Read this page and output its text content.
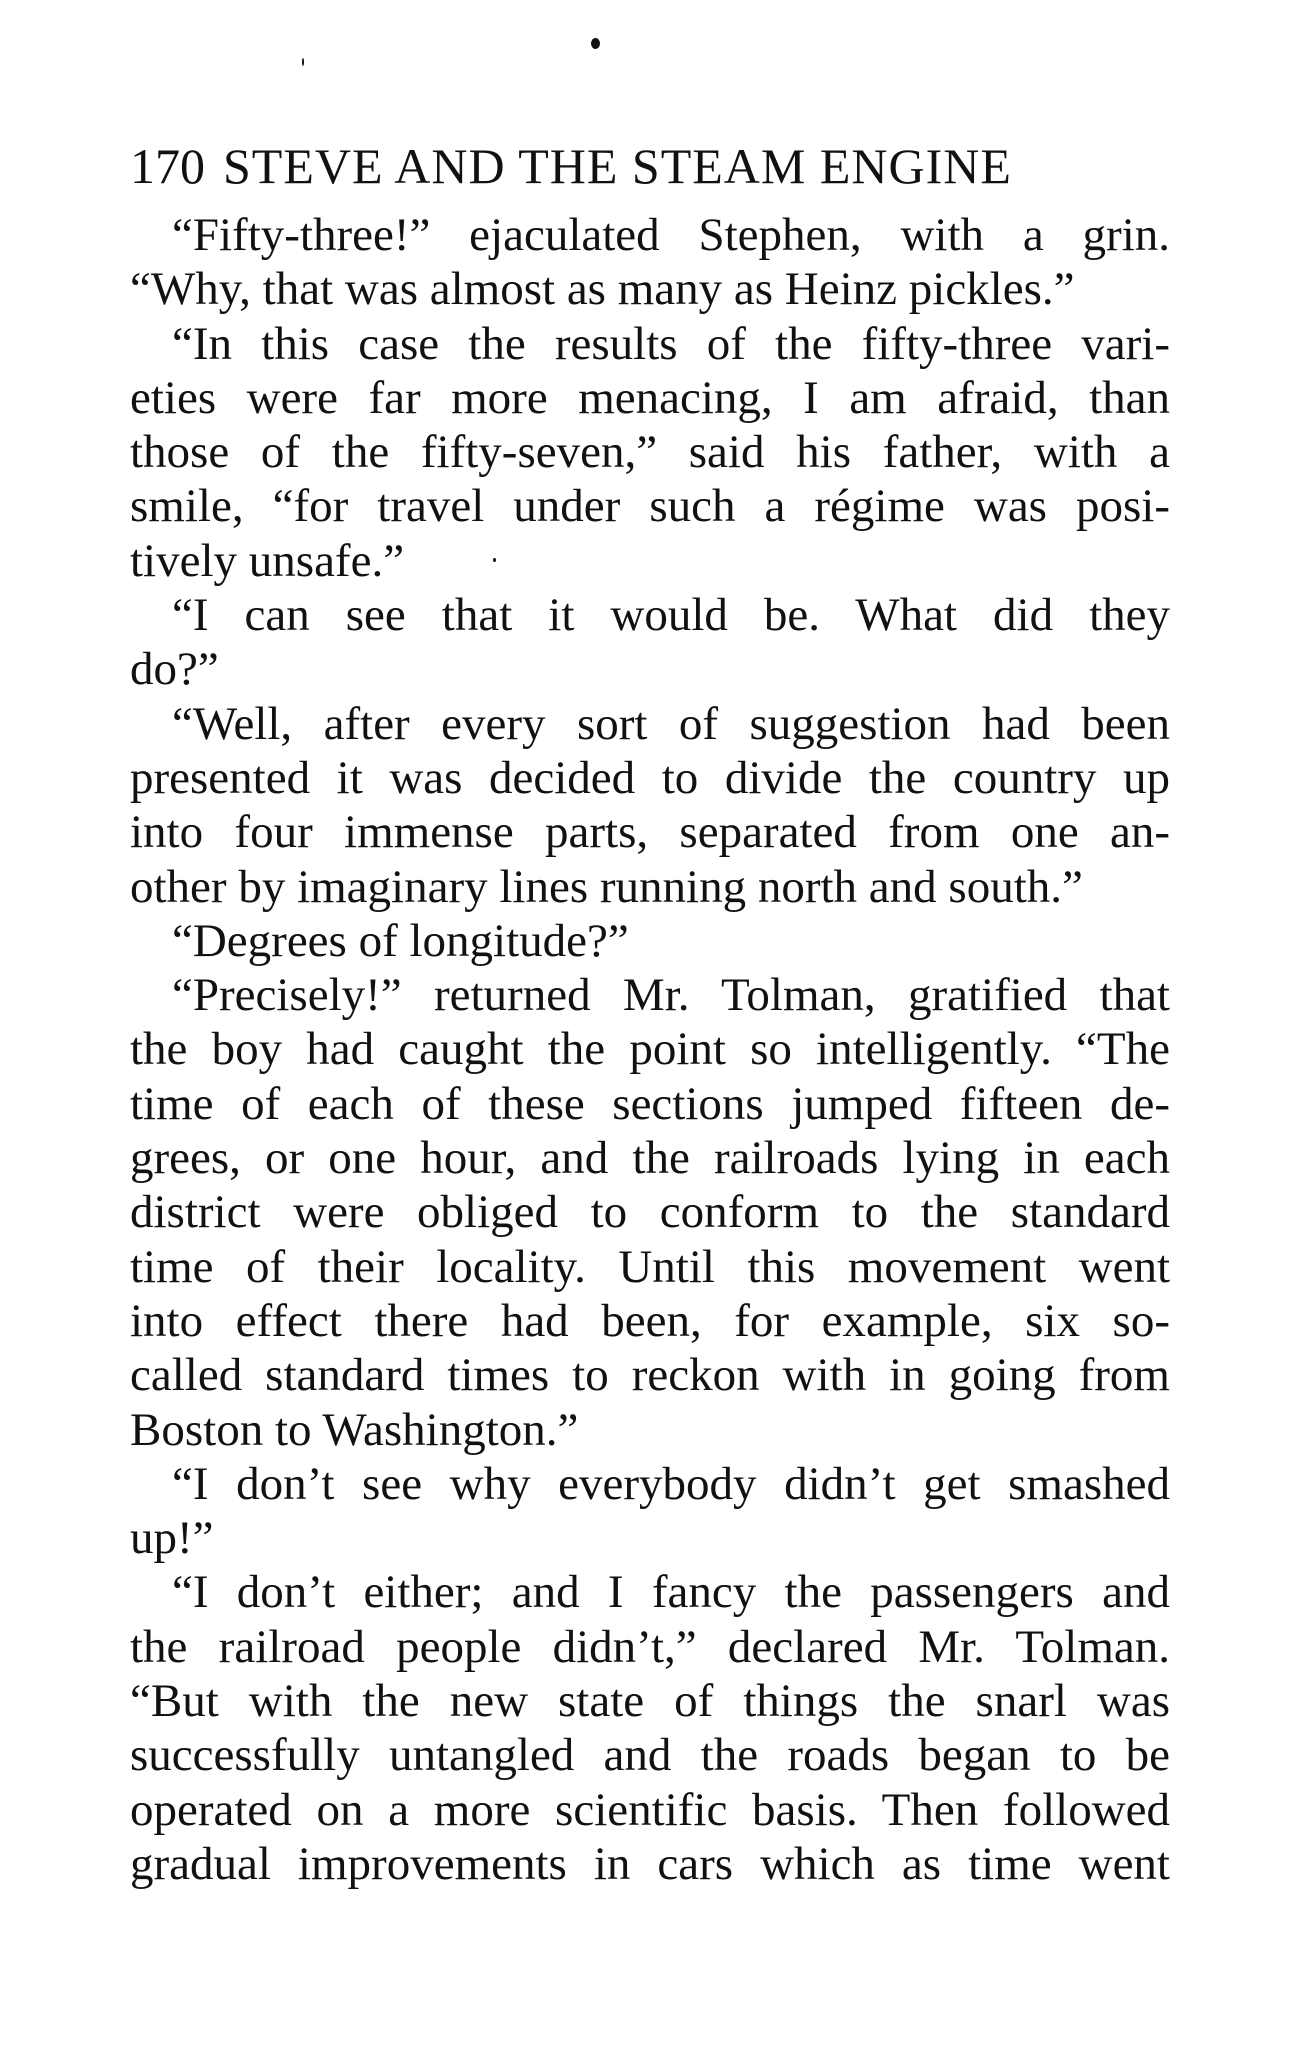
170 STEVE AND THE STEAM ENGINE
“Fifty-three!” ejaculated Stephen, with a grin.
“Why, that was almost as many as Heinz pickles.”
“In this case the results of the fifty-three vari-
eties were far more menacing, I am afraid, than
those of the fifty-seven,” said his father, with a
smile, “for travel under such a régime was posi-
tively unsafe.”
“I can see that it would be. What did they
do?”
“Well, after every sort of suggestion had been
presented it was decided to divide the country up
into four immense parts, separated from one an-
other by imaginary lines running north and south.”
“Degrees of longitude?”
“Precisely!” returned Mr. Tolman, gratified that
the boy had caught the point so intelligently. “The
time of each of these sections jumped fifteen de-
grees, or one hour, and the railroads lying in each
district were obliged to conform to the standard
time of their locality. Until this movement went
into effect there had been, for example, six so-
called standard times to reckon with in going from
Boston to Washington.”
“I don’t see why everybody didn’t get smashed
up!”
“I don’t either; and I fancy the passengers and
the railroad people didn’t,” declared Mr. Tolman.
“But with the new state of things the snarl was
successfully untangled and the roads began to be
operated on a more scientific basis. Then followed
gradual improvements in cars which as time went
